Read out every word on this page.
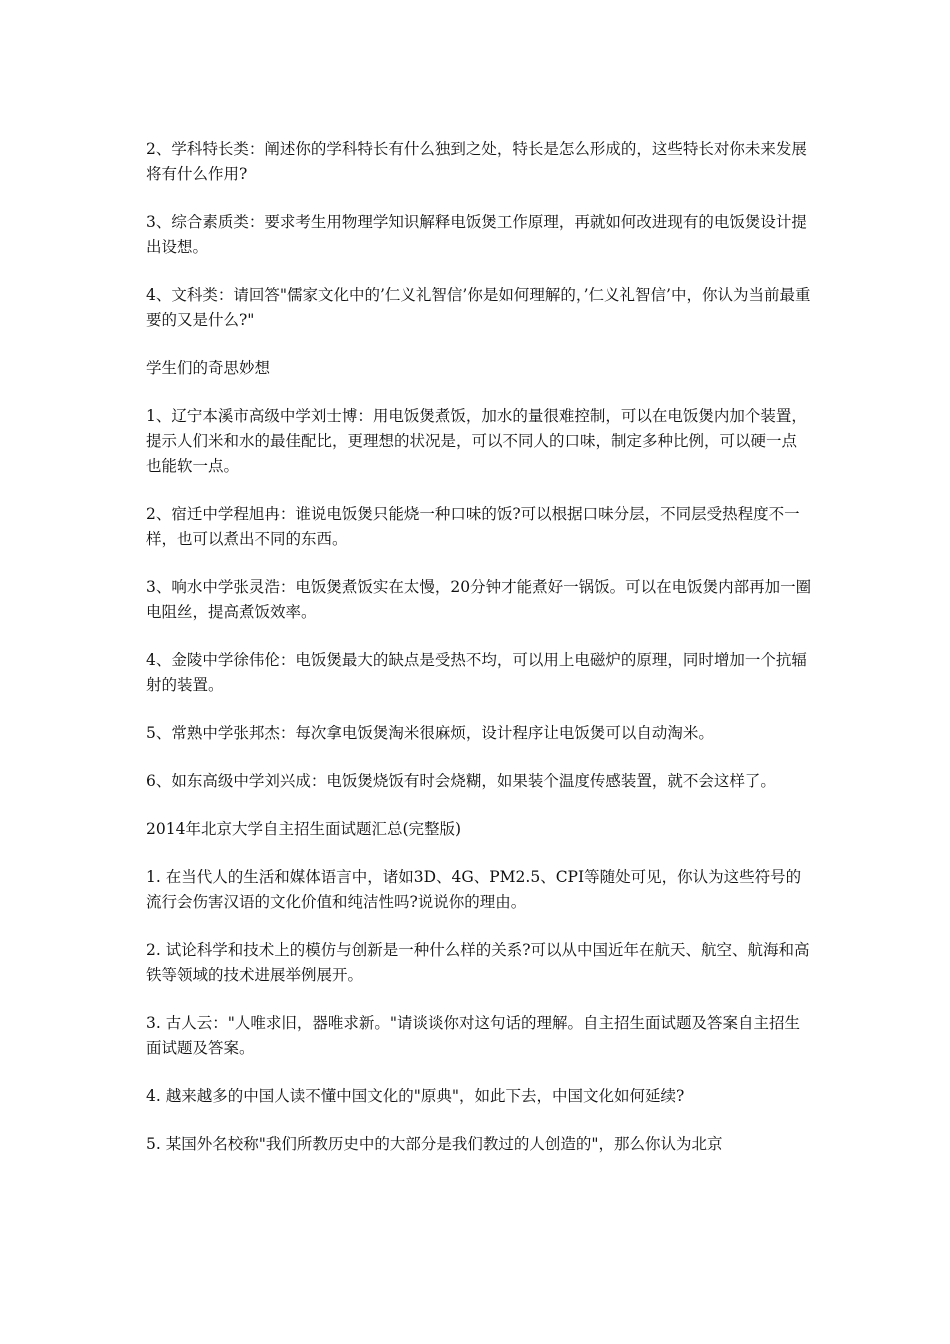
2、学科特长类：阐述你的学科特长有什么独到之处，特长是怎么形成的，这些特长对你未来发展将有什么作用?

3、综合素质类：要求考生用物理学知识解释电饭煲工作原理，再就如何改进现有的电饭煲设计提出设想。

4、文科类：请回答"儒家文化中的’仁义礼智信’你是如何理解的，’仁义礼智信’中，你认为当前最重要的又是什么?"

学生们的奇思妙想

1、辽宁本溪市高级中学刘士博：用电饭煲煮饭，加水的量很难控制，可以在电饭煲内加个装置，提示人们米和水的最佳配比，更理想的状况是，可以不同人的口味，制定多种比例，可以硬一点也能软一点。

2、宿迁中学程旭冉：谁说电饭煲只能烧一种口味的饭?可以根据口味分层，不同层受热程度不一样，也可以煮出不同的东西。

3、响水中学张灵浩：电饭煲煮饭实在太慢，20分钟才能煮好一锅饭。可以在电饭煲内部再加一圈电阻丝，提高煮饭效率。

4、金陵中学徐伟伦：电饭煲最大的缺点是受热不均，可以用上电磁炉的原理，同时增加一个抗辐射的装置。

5、常熟中学张邦杰：每次拿电饭煲淘米很麻烦，设计程序让电饭煲可以自动淘米。

6、如东高级中学刘兴成：电饭煲烧饭有时会烧糊，如果装个温度传感装置，就不会这样了。

2014年北京大学自主招生面试题汇总(完整版)

1. 在当代人的生活和媒体语言中，诸如3D、4G、PM2.5、CPI等随处可见，你认为这些符号的流行会伤害汉语的文化价值和纯洁性吗?说说你的理由。

2. 试论科学和技术上的模仿与创新是一种什么样的关系?可以从中国近年在航天、航空、航海和高铁等领域的技术进展举例展开。

3. 古人云："人唯求旧，器唯求新。"请谈谈你对这句话的理解。自主招生面试题及答案自主招生面试题及答案。

4. 越来越多的中国人读不懂中国文化的"原典"，如此下去，中国文化如何延续?

5. 某国外名校称"我们所教历史中的大部分是我们教过的人创造的"，那么你认为北京
